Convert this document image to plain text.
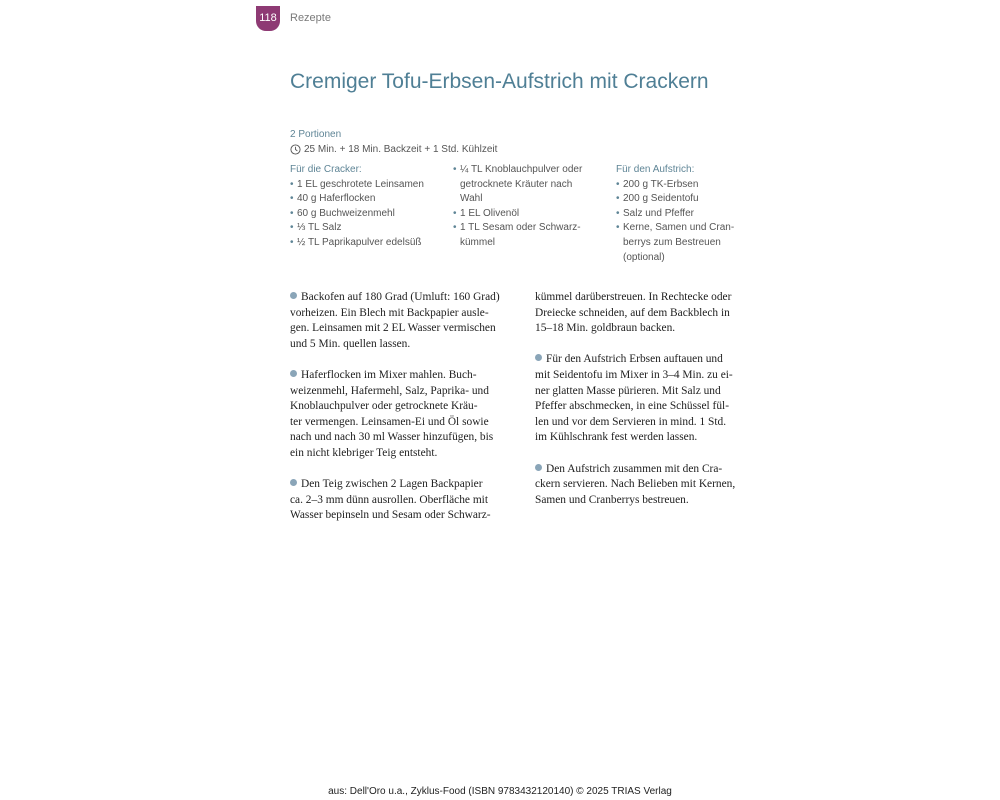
118 Rezepte
Cremiger Tofu-Erbsen-Aufstrich mit Crackern
2 Portionen
25 Min. + 18 Min. Backzeit + 1 Std. Kühlzeit
Für die Cracker:
• 1 EL geschrotete Leinsamen
• 40 g Haferflocken
• 60 g Buchweizenmehl
• ⅓ TL Salz
• ½ TL Paprikapulver edelsüß
• ¼ TL Knoblauchpulver oder
getrocknete Kräuter nach
Wahl
• 1 EL Olivenöl
• 1 TL Sesam oder Schwarz-
kümmel
Für den Aufstrich:
• 200 g TK-Erbsen
• 200 g Seidentofu
• Salz und Pfeffer
• Kerne, Samen und Cran-
berrys zum Bestreuen
(optional)

Backofen auf 180 Grad (Umluft: 160 Grad)
vorheizen. Ein Blech mit Backpapier ausle-
gen. Leinsamen mit 2 EL Wasser vermischen
und 5 Min. quellen lassen.

Haferflocken im Mixer mahlen. Buch-
weizenmehl, Hafermehl, Salz, Paprika- und
Knoblauchpulver oder getrocknete Kräu-
ter vermengen. Leinsamen-Ei und Öl sowie
nach und nach 30 ml Wasser hinzufügen, bis
ein nicht klebriger Teig entsteht.

Den Teig zwischen 2 Lagen Backpapier
ca. 2–3 mm dünn ausrollen. Oberfläche mit
Wasser bepinseln und Sesam oder Schwarz-

kümmel darüberstreuen. In Rechtecke oder
Dreiecke schneiden, auf dem Backblech in
15–18 Min. goldbraun backen.

Für den Aufstrich Erbsen auftauen und
mit Seidentofu im Mixer in 3–4 Min. zu ei-
ner glatten Masse pürieren. Mit Salz und
Pfeffer abschmecken, in eine Schüssel fül-
len und vor dem Servieren in mind. 1 Std.
im Kühlschrank fest werden lassen.

Den Aufstrich zusammen mit den Cra-
ckern servieren. Nach Belieben mit Kernen,
Samen und Cranberrys bestreuen.

aus: Dell'Oro u.a., Zyklus-Food (ISBN 9783432120140) © 2025 TRIAS Verlag
